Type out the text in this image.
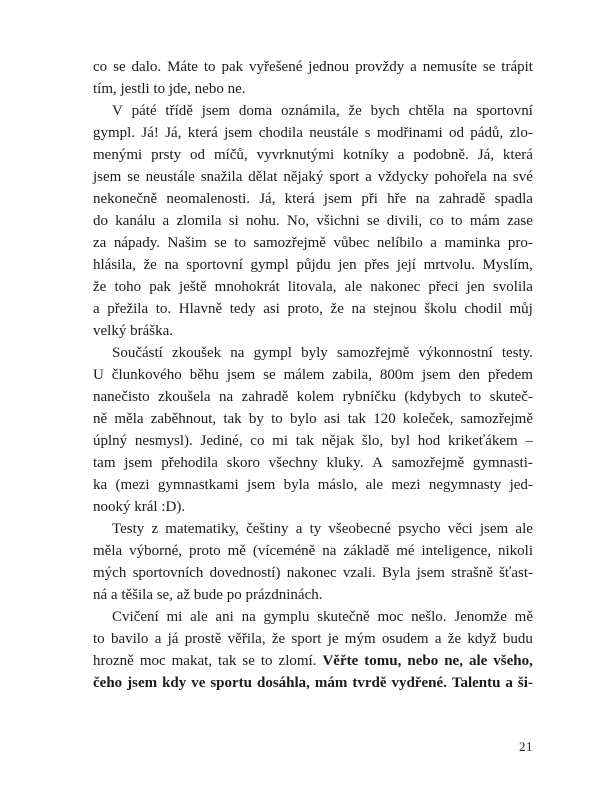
co se dalo. Máte to pak vyřešené jednou provždy a nemusíte se trápit
tím, jestli to jde, nebo ne.
V páté třídě jsem doma oznámila, že bych chtěla na sportovní
gympl. Já! Já, která jsem chodila neustále s modřinami od pádů, zlo-
menými prsty od míčů, vyvrknutými kotníky a podobně. Já, která
jsem se neustále snažila dělat nějaký sport a vždycky pohořela na své
nekonečně neomalenosti. Já, která jsem při hře na zahradě spadla
do kanálu a zlomila si nohu. No, všichni se divili, co to mám zase
za nápady. Našim se to samozřejmě vůbec nelíbilo a maminka pro-
hlásila, že na sportovní gympl půjdu jen přes její mrtvolu. Myslím,
že toho pak ještě mnohokrát litovala, ale nakonec přeci jen svolila
a přežila to. Hlavně tedy asi proto, že na stejnou školu chodil můj
velký bráška.
Součástí zkoušek na gympl byly samozřejmě výkonnostní testy.
U člunkového běhu jsem se málem zabila, 800m jsem den předem
nanečisto zkoušela na zahradě kolem rybníčku (kdybych to skuteč-
ně měla zaběhnout, tak by to bylo asi tak 120 koleček, samozřejmě
úplný nesmysl). Jediné, co mi tak nějak šlo, byl hod krikeťákem –
tam jsem přehodila skoro všechny kluky. A samozřejmě gymnasti-
ka (mezi gymnastkami jsem byla máslo, ale mezi negymnasty jed-
nooký král :D).
Testy z matematiky, češtiny a ty všeobecné psycho věci jsem ale
měla výborné, proto mě (víceméně na základě mé inteligence, nikoli
mých sportovních dovedností) nakonec vzali. Byla jsem strašně šťast-
ná a těšila se, až bude po prázdninách.
Cvičení mi ale ani na gymplu skutečně moc nešlo. Jenomže mě
to bavilo a já prostě věřila, že sport je mým osudem a že když budu
hrozně moc makat, tak se to zlomí. Věřte tomu, nebo ne, ale všeho,
čeho jsem kdy ve sportu dosáhla, mám tvrdě vydřené. Talentu a ši-
21
